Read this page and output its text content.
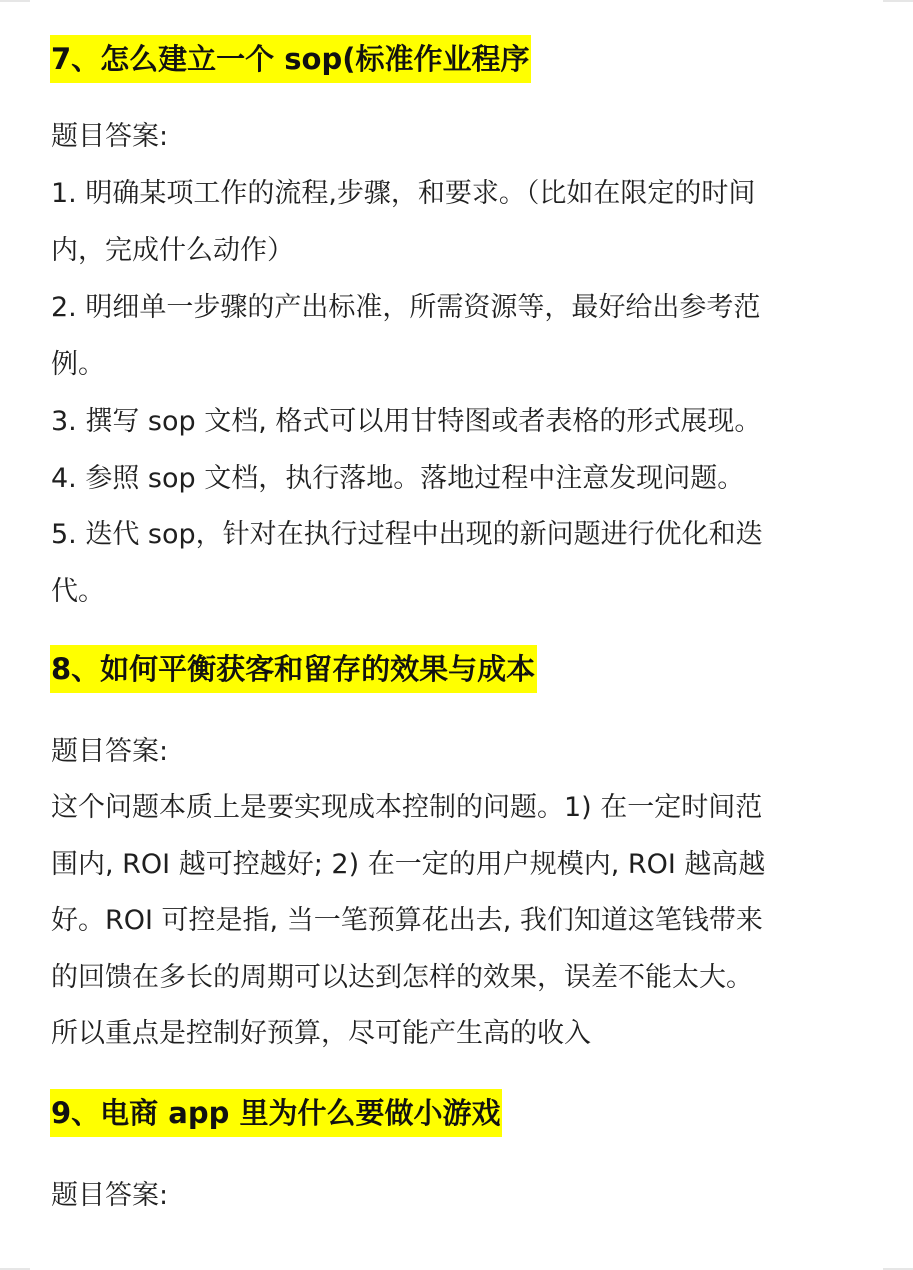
7、怎么建立一个 sop(标准作业程序
题目答案:
1. 明确某项工作的流程,步骤，和要求。（比如在限定的时间
内，完成什么动作）
2. 明细单一步骤的产出标准，所需资源等，最好给出参考范
例。
3. 撰写 sop 文档, 格式可以用甘特图或者表格的形式展现。
4. 参照 sop 文档，执行落地。落地过程中注意发现问题。
5. 迭代 sop，针对在执行过程中出现的新问题进行优化和迭
代。
8、如何平衡获客和留存的效果与成本
题目答案:
这个问题本质上是要实现成本控制的问题。1) 在一定时间范
围内, ROI 越可控越好; 2) 在一定的用户规模内, ROI 越高越
好。ROI 可控是指, 当一笔预算花出去, 我们知道这笔钱带来
的回馈在多长的周期可以达到怎样的效果，误差不能太大。
所以重点是控制好预算，尽可能产生高的收入
9、电商 app 里为什么要做小游戏
题目答案:
